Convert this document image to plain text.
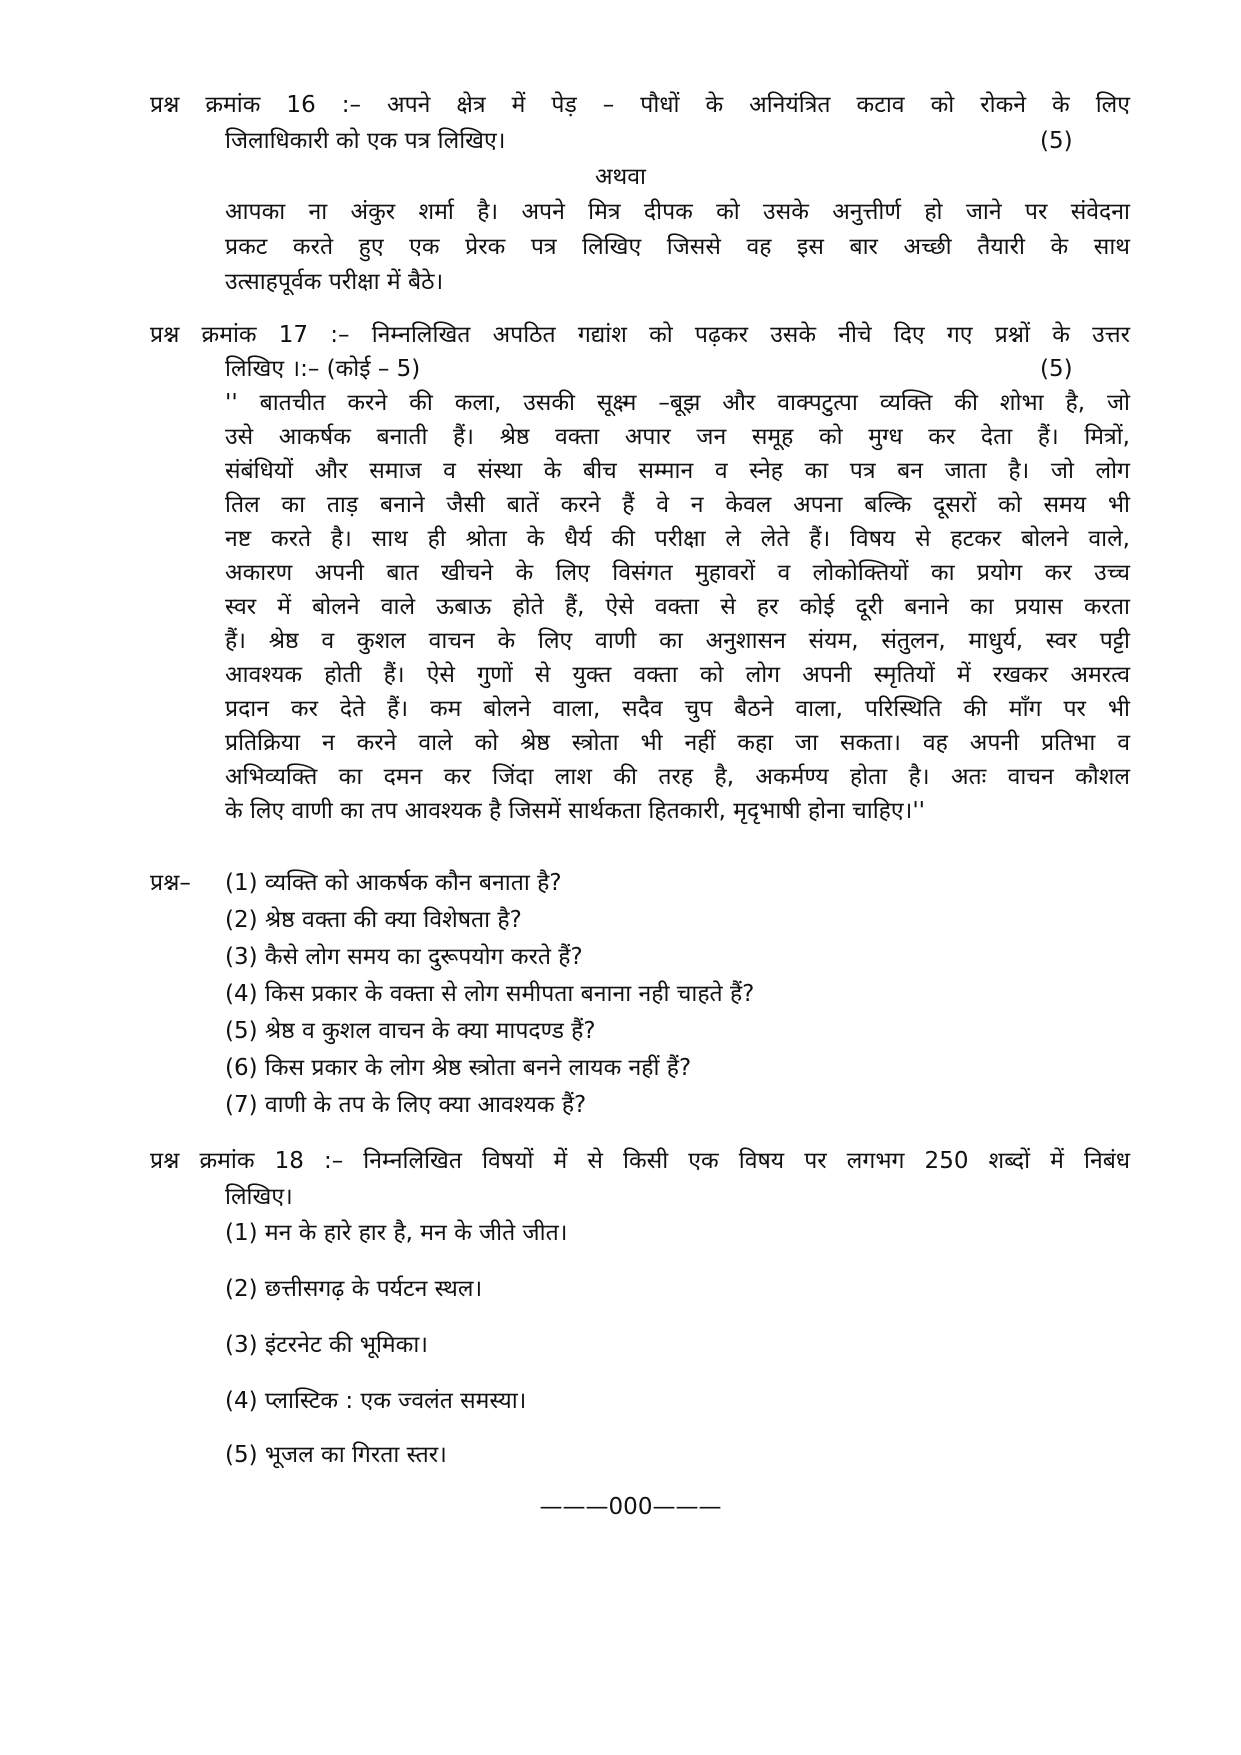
प्रश्न क्रमांक 16 :– अपने क्षेत्र में पेड़ – पौधों के अनियंत्रित कटाव को रोकने के लिए
जिलाधिकारी को एक पत्र लिखिए।	(5)
अथवा
आपका ना अंकुर शर्मा है। अपने मित्र दीपक को उसके अनुत्तीर्ण हो जाने पर संवेदना
प्रकट करते हुए एक प्रेरक पत्र लिखिए जिससे वह इस बार अच्छी तैयारी के साथ
उत्साहपूर्वक परीक्षा में बैठे।
प्रश्न क्रमांक 17 :– निम्नलिखित अपठित गद्यांश को पढ़कर उसके नीचे दिए गए प्रश्नों के उत्तर
लिखिए ।:– (कोई – 5)	(5)
'' बातचीत करने की कला, उसकी सूक्ष्म –बूझ और वाक्पटुत्पा व्यक्ति की शोभा है, जो
उसे आकर्षक बनाती हैं। श्रेष्ठ वक्ता अपार जन समूह को मुग्ध कर देता हैं। मित्रों,
संबंधियों और समाज व संस्था के बीच सम्मान व स्नेह का पत्र बन जाता है। जो लोग
तिल का ताड़ बनाने जैसी बातें करने हैं वे न केवल अपना बल्कि दूसरों को समय भी
नष्ट करते है। साथ ही श्रोता के धैर्य की परीक्षा ले लेते हैं। विषय से हटकर बोलने वाले,
अकारण अपनी बात खीचने के लिए विसंगत मुहावरों व लोकोक्तियों का प्रयोग कर उच्च
स्वर में बोलने वाले ऊबाऊ होते हैं, ऐसे वक्ता से हर कोई दूरी बनाने का प्रयास करता
हैं। श्रेष्ठ व कुशल वाचन के लिए वाणी का अनुशासन संयम, संतुलन, माधुर्य, स्वर पट्टी
आवश्यक होती हैं। ऐसे गुणों से युक्त वक्ता को लोग अपनी स्मृतियों में रखकर अमरत्व
प्रदान कर देते हैं। कम बोलने वाला, सदैव चुप बैठने वाला, परिस्थिति की माँग पर भी
प्रतिक्रिया न करने वाले को श्रेष्ठ स्त्रोता भी नहीं कहा जा सकता। वह अपनी प्रतिभा व
अभिव्यक्ति का दमन कर जिंदा लाश की तरह है, अकर्मण्य होता है। अतः वाचन कौशल
के लिए वाणी का तप आवश्यक है जिसमें सार्थकता हितकारी, मृदृभाषी होना चाहिए।''
प्रश्न– (1) व्यक्ति को आकर्षक कौन बनाता है?
(2) श्रेष्ठ वक्ता की क्या विशेषता है?
(3) कैसे लोग समय का दुरूपयोग करते हैं?
(4) किस प्रकार के वक्ता से लोग समीपता बनाना नही चाहते हैं?
(5) श्रेष्ठ व कुशल वाचन के क्या मापदण्ड हैं?
(6) किस प्रकार के लोग श्रेष्ठ स्त्रोता बनने लायक नहीं हैं?
(7) वाणी के तप के लिए क्या आवश्यक हैं?
प्रश्न क्रमांक 18 :– निम्नलिखित विषयों में से किसी एक विषय पर लगभग 250 शब्दों में निबंध
लिखिए।
(1) मन के हारे हार है, मन के जीते जीत।
(2) छत्तीसगढ़ के पर्यटन स्थल।
(3) इंटरनेट की भूमिका।
(4) प्लास्टिक : एक ज्वलंत समस्या।
(5) भूजल का गिरता स्तर।
———000———
